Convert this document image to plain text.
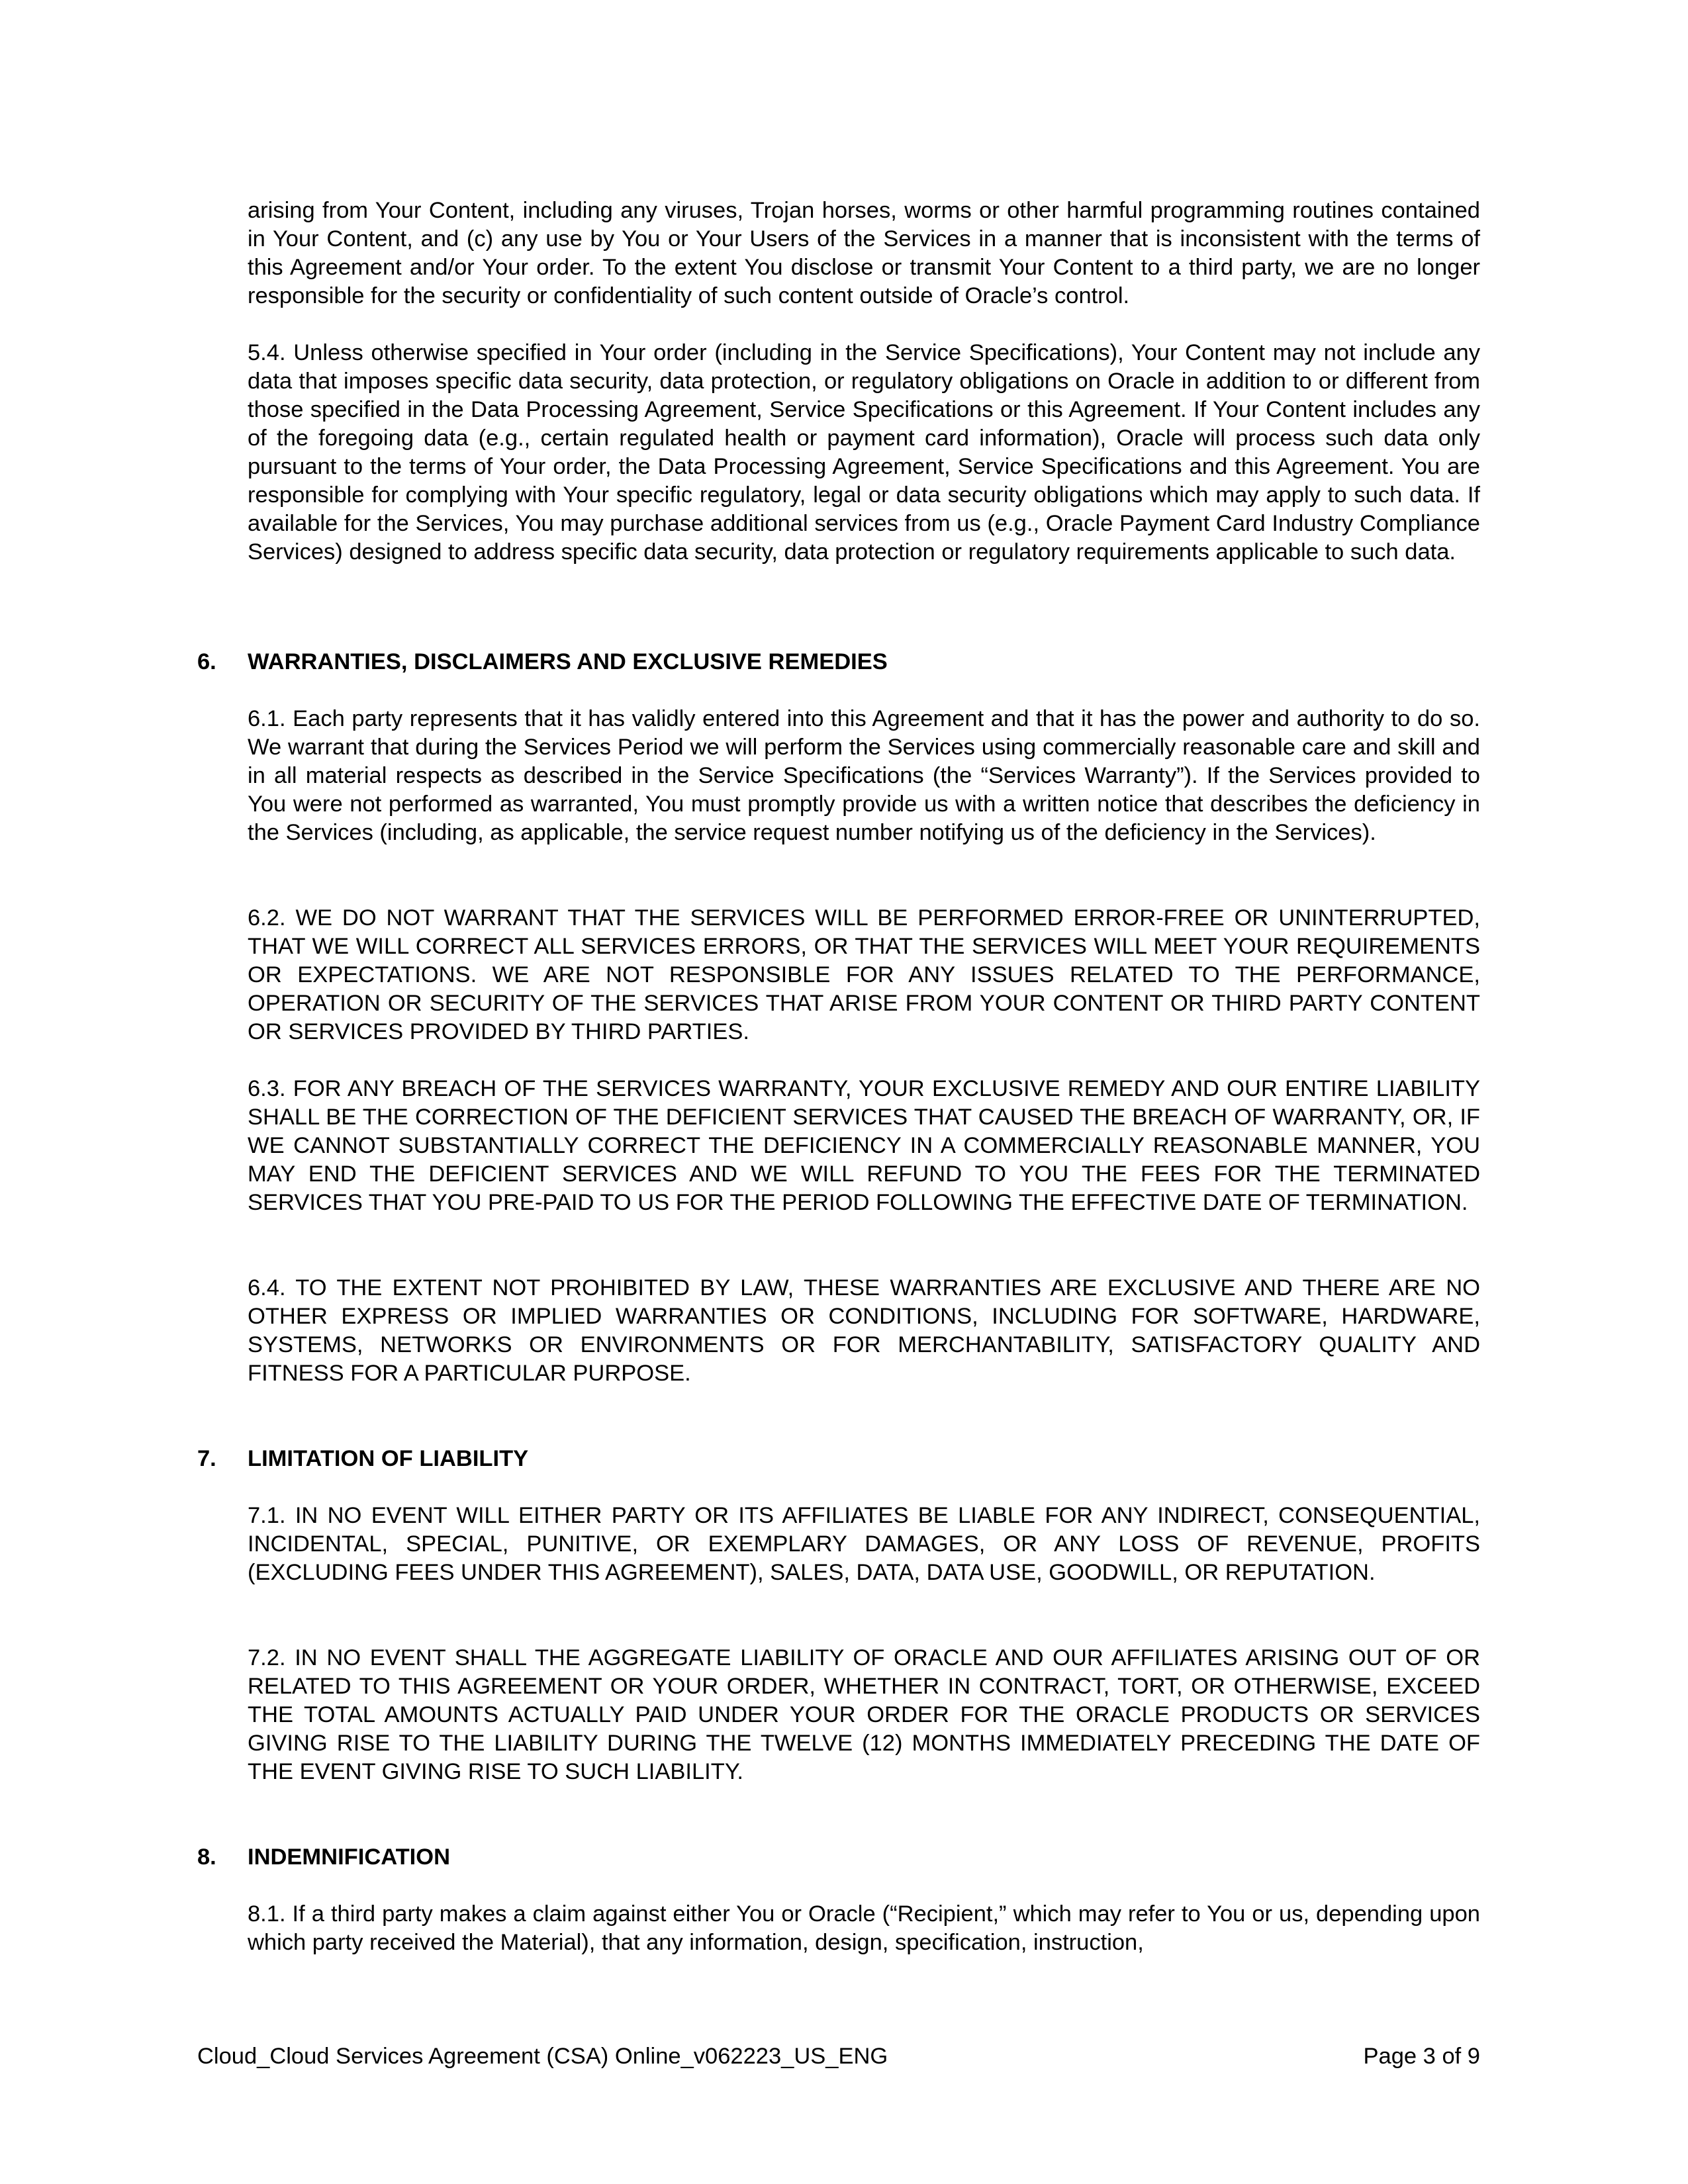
arising from Your Content, including any viruses, Trojan horses, worms or other harmful programming routines contained in Your Content, and (c) any use by You or Your Users of the Services in a manner that is inconsistent with the terms of this Agreement and/or Your order. To the extent You disclose or transmit Your Content to a third party, we are no longer responsible for the security or confidentiality of such content outside of Oracle’s control.

5.4. Unless otherwise specified in Your order (including in the Service Specifications), Your Content may not include any data that imposes specific data security, data protection, or regulatory obligations on Oracle in addition to or different from those specified in the Data Processing Agreement, Service Specifications or this Agreement. If Your Content includes any of the foregoing data (e.g., certain regulated health or payment card information), Oracle will process such data only pursuant to the terms of Your order, the Data Processing Agreement, Service Specifications and this Agreement. You are responsible for complying with Your specific regulatory, legal or data security obligations which may apply to such data. If available for the Services, You may purchase additional services from us (e.g., Oracle Payment Card Industry Compliance Services) designed to address specific data security, data protection or regulatory requirements applicable to such data.

6. WARRANTIES, DISCLAIMERS AND EXCLUSIVE REMEDIES

6.1. Each party represents that it has validly entered into this Agreement and that it has the power and authority to do so. We warrant that during the Services Period we will perform the Services using commercially reasonable care and skill and in all material respects as described in the Service Specifications (the “Services Warranty”). If the Services provided to You were not performed as warranted, You must promptly provide us with a written notice that describes the deficiency in the Services (including, as applicable, the service request number notifying us of the deficiency in the Services).

6.2. WE DO NOT WARRANT THAT THE SERVICES WILL BE PERFORMED ERROR-FREE OR UNINTERRUPTED, THAT WE WILL CORRECT ALL SERVICES ERRORS, OR THAT THE SERVICES WILL MEET YOUR REQUIREMENTS OR EXPECTATIONS. WE ARE NOT RESPONSIBLE FOR ANY ISSUES RELATED TO THE PERFORMANCE, OPERATION OR SECURITY OF THE SERVICES THAT ARISE FROM YOUR CONTENT OR THIRD PARTY CONTENT OR SERVICES PROVIDED BY THIRD PARTIES.

6.3. FOR ANY BREACH OF THE SERVICES WARRANTY, YOUR EXCLUSIVE REMEDY AND OUR ENTIRE LIABILITY SHALL BE THE CORRECTION OF THE DEFICIENT SERVICES THAT CAUSED THE BREACH OF WARRANTY, OR, IF WE CANNOT SUBSTANTIALLY CORRECT THE DEFICIENCY IN A COMMERCIALLY REASONABLE MANNER, YOU MAY END THE DEFICIENT SERVICES AND WE WILL REFUND TO YOU THE FEES FOR THE TERMINATED SERVICES THAT YOU PRE-PAID TO US FOR THE PERIOD FOLLOWING THE EFFECTIVE DATE OF TERMINATION.

6.4. TO THE EXTENT NOT PROHIBITED BY LAW, THESE WARRANTIES ARE EXCLUSIVE AND THERE ARE NO OTHER EXPRESS OR IMPLIED WARRANTIES OR CONDITIONS, INCLUDING FOR SOFTWARE, HARDWARE, SYSTEMS, NETWORKS OR ENVIRONMENTS OR FOR MERCHANTABILITY, SATISFACTORY QUALITY AND FITNESS FOR A PARTICULAR PURPOSE.

7. LIMITATION OF LIABILITY

7.1. IN NO EVENT WILL EITHER PARTY OR ITS AFFILIATES BE LIABLE FOR ANY INDIRECT, CONSEQUENTIAL, INCIDENTAL, SPECIAL, PUNITIVE, OR EXEMPLARY DAMAGES, OR ANY LOSS OF REVENUE, PROFITS (EXCLUDING FEES UNDER THIS AGREEMENT), SALES, DATA, DATA USE, GOODWILL, OR REPUTATION.

7.2. IN NO EVENT SHALL THE AGGREGATE LIABILITY OF ORACLE AND OUR AFFILIATES ARISING OUT OF OR RELATED TO THIS AGREEMENT OR YOUR ORDER, WHETHER IN CONTRACT, TORT, OR OTHERWISE, EXCEED THE TOTAL AMOUNTS ACTUALLY PAID UNDER YOUR ORDER FOR THE ORACLE PRODUCTS OR SERVICES GIVING RISE TO THE LIABILITY DURING THE TWELVE (12) MONTHS IMMEDIATELY PRECEDING THE DATE OF THE EVENT GIVING RISE TO SUCH LIABILITY.

8. INDEMNIFICATION

8.1. If a third party makes a claim against either You or Oracle (“Recipient,” which may refer to You or us, depending upon which party received the Material), that any information, design, specification, instruction,

Cloud_Cloud Services Agreement (CSA) Online_v062223_US_ENG	Page 3 of 9
